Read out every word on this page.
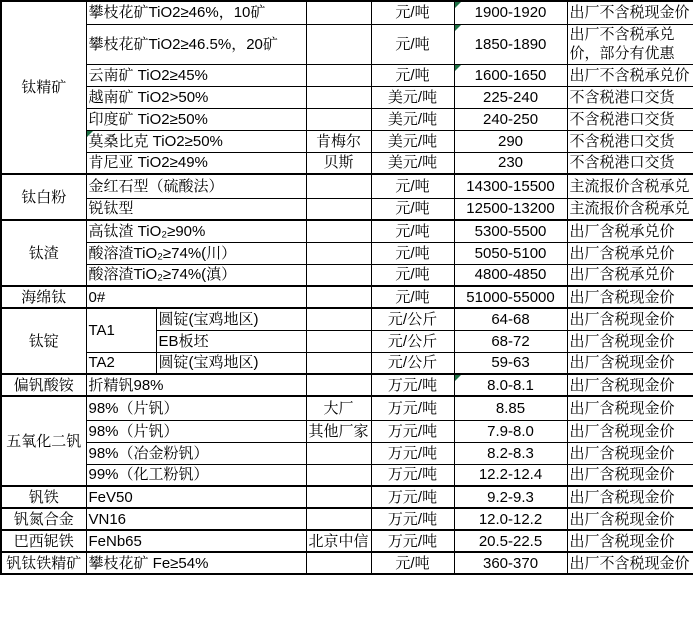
钛精矿	攀枝花矿TiO2≥46%，10矿			元/吨	1900-1920	出厂不含税现金价
	攀枝花矿TiO2≥46.5%，20矿			元/吨	1850-1890	出厂不含税承兑价，部分有优惠
	云南矿 TiO2≥45%			元/吨	1600-1650	出厂不含税承兑价
	越南矿 TiO2>50%			美元/吨	225-240	不含税港口交货
	印度矿 TiO2≥50%			美元/吨	240-250	不含税港口交货
	莫桑比克 TiO2≥50%		肯梅尔	美元/吨	290	不含税港口交货
	肯尼亚 TiO2≥49%		贝斯	美元/吨	230	不含税港口交货
钛白粉	金红石型（硫酸法）			元/吨	14300-15500	主流报价含税承兑
	锐钛型			元/吨	12500-13200	主流报价含税承兑
钛渣	高钛渣 TiO₂≥90%			元/吨	5300-5500	出厂含税承兑价
	酸溶渣TiO₂≥74%(川）			元/吨	5050-5100	出厂含税承兑价
	酸溶渣TiO₂≥74%(滇）			元/吨	4800-4850	出厂含税承兑价
海绵钛	0#			元/吨	51000-55000	出厂含税现金价
钛锭	TA1	圆锭(宝鸡地区)		元/公斤	64-68	出厂含税现金价
		EB板坯		元/公斤	68-72	出厂含税现金价
	TA2	圆锭(宝鸡地区)		元/公斤	59-63	出厂含税现金价
偏钒酸铵	折精钒98%			万元/吨	8.0-8.1	出厂含税现金价
五氧化二钒	98%（片钒）		大厂	万元/吨	8.85	出厂含税现金价
	98%（片钒）		其他厂家	万元/吨	7.9-8.0	出厂含税现金价
	98%（冶金粉钒）			万元/吨	8.2-8.3	出厂含税现金价
	99%（化工粉钒）			万元/吨	12.2-12.4	出厂含税现金价
钒铁	FeV50			万元/吨	9.2-9.3	出厂含税现金价
钒氮合金	VN16			万元/吨	12.0-12.2	出厂含税现金价
巴西铌铁	FeNb65		北京中信	万元/吨	20.5-22.5	出厂含税现金价
钒钛铁精矿	攀枝花矿 Fe≥54%			元/吨	360-370	出厂不含税现金价
